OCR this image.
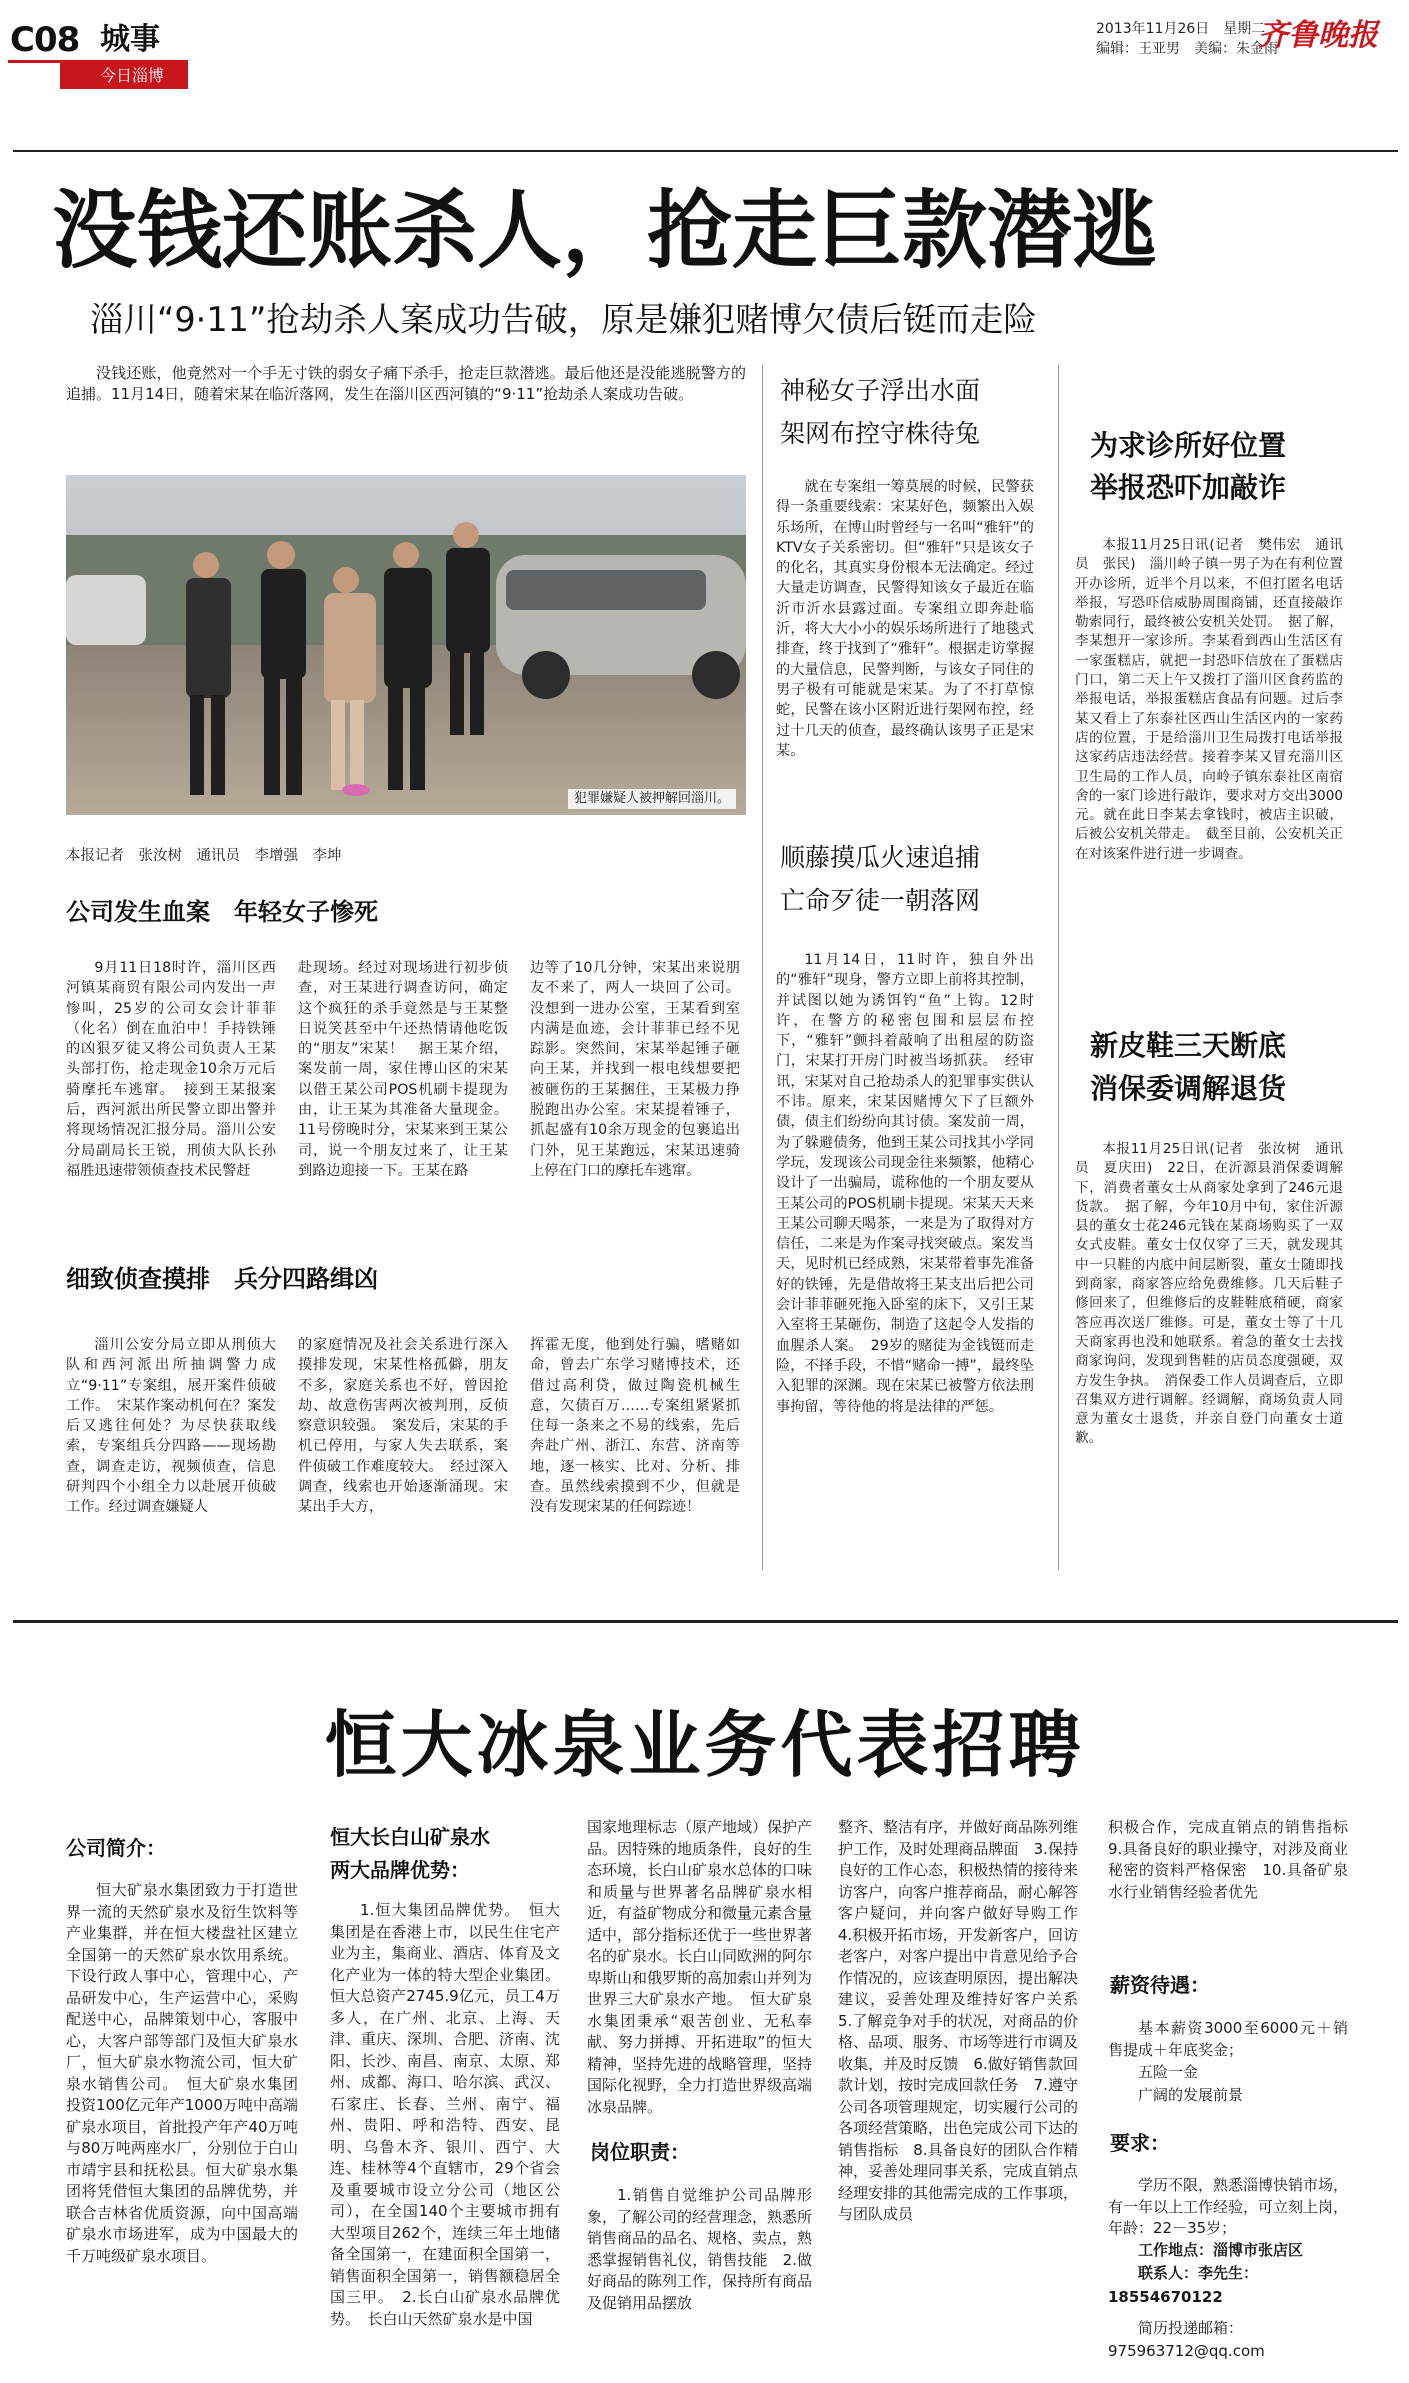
C08 城事
今日淄博
2013年11月26日　星期二
编辑：王亚男　美编：朱金雨
齐鲁晚报
没钱还账杀人，抢走巨款潜逃
淄川“9·11”抢劫杀人案成功告破，原是嫌犯赌博欠债后铤而走险

没钱还账，他竟然对一个手无寸铁的弱女子痛下杀手，抢走巨款潜逃。最后他还是没能逃脱警方的追捕。11月14日，随着宋某在临沂落网，发生在淄川区西河镇的“9·11”抢劫杀人案成功告破。

犯罪嫌疑人被押解回淄川。
本报记者　张汝树　通讯员　李增强　李坤
公司发生血案　年轻女子惨死

9月11日18时许，淄川区西河镇某商贸有限公司内发出一声惨叫，25岁的公司女会计菲菲（化名）倒在血泊中！手持铁锤的凶狠歹徒又将公司负责人王某头部打伤，抢走现金10余万元后骑摩托车逃窜。　接到王某报案后，西河派出所民警立即出警并将现场情况汇报分局。淄川公安分局副局长王锐，刑侦大队长孙福胜迅速带领侦查技术民警赶

赴现场。经过对现场进行初步侦查，对王某进行调查访问，确定这个疯狂的杀手竟然是与王某整日说笑甚至中午还热情请他吃饭的“朋友”宋某！　据王某介绍，案发前一周，家住博山区的宋某以借王某公司POS机刷卡提现为由，让王某为其准备大量现金。11号傍晚时分，宋某来到王某公司，说一个朋友过来了，让王某到路边迎接一下。王某在路

边等了10几分钟，宋某出来说朋友不来了，两人一块回了公司。没想到一进办公室，王某看到室内满是血迹，会计菲菲已经不见踪影。突然间，宋某举起锤子砸向王某，并找到一根电线想要把被砸伤的王某捆住，王某极力挣脱跑出办公室。宋某提着锤子，抓起盛有10余万现金的包裹追出门外，见王某跑远，宋某迅速骑上停在门口的摩托车逃窜。

细致侦查摸排　兵分四路缉凶

淄川公安分局立即从刑侦大队和西河派出所抽调警力成立“9·11”专案组，展开案件侦破工作。　宋某作案动机何在？案发后又逃往何处？为尽快获取线索，专案组兵分四路——现场勘查，调查走访，视频侦查，信息研判四个小组全力以赴展开侦破工作。经过调查嫌疑人

的家庭情况及社会关系进行深入摸排发现，宋某性格孤僻，朋友不多，家庭关系也不好，曾因抢劫、故意伤害两次被判刑，反侦察意识较强。　案发后，宋某的手机已停用，与家人失去联系，案件侦破工作难度较大。　经过深入调查，线索也开始逐渐涌现。宋某出手大方，

挥霍无度，他到处行骗，嗜赌如命，曾去广东学习赌博技术，还借过高利贷，做过陶瓷机械生意，欠债百万……专案组紧紧抓住每一条来之不易的线索，先后奔赴广州、浙江、东营、济南等地，逐一核实、比对、分析、排查。虽然线索摸到不少，但就是没有发现宋某的任何踪迹！

神秘女子浮出水面
架网布控守株待兔

就在专案组一筹莫展的时候，民警获得一条重要线索：宋某好色，频繁出入娱乐场所，在博山时曾经与一名叫“雅轩”的KTV女子关系密切。但“雅轩”只是该女子的化名，其真实身份根本无法确定。经过大量走访调查，民警得知该女子最近在临沂市沂水县露过面。专案组立即奔赴临沂，将大大小小的娱乐场所进行了地毯式排查，终于找到了“雅轩”。根据走访掌握的大量信息，民警判断，与该女子同住的男子极有可能就是宋某。为了不打草惊蛇，民警在该小区附近进行架网布控，经过十几天的侦查，最终确认该男子正是宋某。

顺藤摸瓜火速追捕
亡命歹徒一朝落网

11月14日，11时许，独自外出的“雅轩”现身，警方立即上前将其控制，并试图以她为诱饵钓“鱼”上钩。12时许，在警方的秘密包围和层层布控下，“雅轩”颤抖着敲响了出租屋的防盗门，宋某打开房门时被当场抓获。　经审讯，宋某对自己抢劫杀人的犯罪事实供认不讳。原来，宋某因赌博欠下了巨额外债，债主们纷纷向其讨债。案发前一周，为了躲避债务，他到王某公司找其小学同学玩，发现该公司现金往来频繁，他精心设计了一出骗局，谎称他的一个朋友要从王某公司的POS机刷卡提现。宋某天天来王某公司聊天喝茶，一来是为了取得对方信任，二来是为作案寻找突破点。案发当天，见时机已经成熟，宋某带着事先准备好的铁锤，先是借故将王某支出后把公司会计菲菲砸死拖入卧室的床下，又引王某入室将王某砸伤，制造了这起令人发指的血腥杀人案。　29岁的赌徒为金钱铤而走险，不择手段，不惜“赌命一搏”，最终坠入犯罪的深渊。现在宋某已被警方依法刑事拘留，等待他的将是法律的严惩。

为求诊所好位置
举报恐吓加敲诈

本报11月25日讯(记者　樊伟宏　通讯员　张民)　淄川岭子镇一男子为在有利位置开办诊所，近半个月以来，不但打匿名电话举报，写恐吓信威胁周围商铺，还直接敲诈勒索同行，最终被公安机关处罚。　据了解，李某想开一家诊所。李某看到西山生活区有一家蛋糕店，就把一封恐吓信放在了蛋糕店门口，第二天上午又拨打了淄川区食药监的举报电话，举报蛋糕店食品有问题。过后李某又看上了东泰社区西山生活区内的一家药店的位置，于是给淄川卫生局拨打电话举报这家药店违法经营。接着李某又冒充淄川区卫生局的工作人员，向岭子镇东泰社区南宿舍的一家门诊进行敲诈，要求对方交出3000元。就在此日李某去拿钱时，被店主识破，后被公安机关带走。　截至目前，公安机关正在对该案件进行进一步调查。

新皮鞋三天断底
消保委调解退货

本报11月25日讯(记者　张汝树　通讯员　夏庆田)　22日，在沂源县消保委调解下，消费者董女士从商家处拿到了246元退货款。　据了解，今年10月中旬，家住沂源县的董女士花246元钱在某商场购买了一双女式皮鞋。董女士仅仅穿了三天，就发现其中一只鞋的内底中间层断裂，董女士随即找到商家，商家答应给免费维修。几天后鞋子修回来了，但维修后的皮鞋鞋底稍硬，商家答应再次送厂维修。可是，董女士等了十几天商家再也没和她联系。着急的董女士去找商家询问，发现到售鞋的店员态度强硬，双方发生争执。　消保委工作人员调查后，立即召集双方进行调解。经调解，商场负责人同意为董女士退货，并亲自登门向董女士道歉。

恒大冰泉业务代表招聘
公司简介：

恒大矿泉水集团致力于打造世界一流的天然矿泉水及衍生饮料等产业集群，并在恒大楼盘社区建立全国第一的天然矿泉水饮用系统。下设行政人事中心，管理中心，产品研发中心，生产运营中心，采购配送中心，品牌策划中心，客服中心，大客户部等部门及恒大矿泉水厂，恒大矿泉水物流公司，恒大矿泉水销售公司。　恒大矿泉水集团投资100亿元年产1000万吨中高端矿泉水项目，首批投产年产40万吨与80万吨两座水厂，分别位于白山市靖宇县和抚松县。恒大矿泉水集团将凭借恒大集团的品牌优势，并联合吉林省优质资源，向中国高端矿泉水市场进军，成为中国最大的千万吨级矿泉水项目。

恒大长白山矿泉水
两大品牌优势：

1.恒大集团品牌优势。　恒大集团是在香港上市，以民生住宅产业为主，集商业、酒店、体育及文化产业为一体的特大型企业集团。恒大总资产2745.9亿元，员工4万多人，在广州、北京、上海、天津、重庆、深圳、合肥、济南、沈阳、长沙、南昌、南京、太原、郑州、成都、海口、哈尔滨、武汉、石家庄、长春、兰州、南宁、福州、贵阳、呼和浩特、西安、昆明、乌鲁木齐、银川、西宁、大连、桂林等4个直辖市，29个省会及重要城市设立分公司（地区公司），在全国140个主要城市拥有大型项目262个，连续三年土地储备全国第一，在建面积全国第一，销售面积全国第一，销售额稳居全国三甲。　2.长白山矿泉水品牌优势。　长白山天然矿泉水是中国

国家地理标志（原产地域）保护产品。因特殊的地质条件，良好的生态环境，长白山矿泉水总体的口味和质量与世界著名品牌矿泉水相近，有益矿物成分和微量元素含量适中，部分指标还优于一些世界著名的矿泉水。长白山同欧洲的阿尔卑斯山和俄罗斯的高加索山并列为世界三大矿泉水产地。　恒大矿泉水集团秉承“艰苦创业、无私奉献、努力拼搏、开拓进取”的恒大精神，坚持先进的战略管理，坚持国际化视野，全力打造世界级高端冰泉品牌。

岗位职责：

1.销售自觉维护公司品牌形象，了解公司的经营理念，熟悉所销售商品的品名、规格、卖点，熟悉掌握销售礼仪，销售技能　2.做好商品的陈列工作，保持所有商品及促销用品摆放

整齐、整洁有序，并做好商品陈列维护工作，及时处理商品牌面　3.保持良好的工作心态，积极热情的接待来访客户，向客户推荐商品，耐心解答客户疑问，并向客户做好导购工作　4.积极开拓市场，开发新客户，回访老客户，对客户提出中肯意见给予合作情况的，应该查明原因，提出解决建议，妥善处理及维持好客户关系　5.了解竞争对手的状况，对商品的价格、品项、服务、市场等进行市调及收集，并及时反馈　6.做好销售款回款计划，按时完成回款任务　7.遵守公司各项管理规定，切实履行公司的各项经营策略，出色完成公司下达的销售指标　8.具备良好的团队合作精神，妥善处理同事关系，完成直销点经理安排的其他需完成的工作事项，与团队成员

积极合作，完成直销点的销售指标　9.具备良好的职业操守，对涉及商业秘密的资料严格保密　10.具备矿泉水行业销售经验者优先

薪资待遇：
基本薪资3000至6000元＋销售提成＋年底奖金；
五险一金
广阔的发展前景
要求：

学历不限，熟悉淄博快销市场，有一年以上工作经验，可立刻上岗，年龄：22－35岁；

工作地点：淄博市张店区
联系人：李先生：
18554670122
简历投递邮箱：
975963712@qq.com
